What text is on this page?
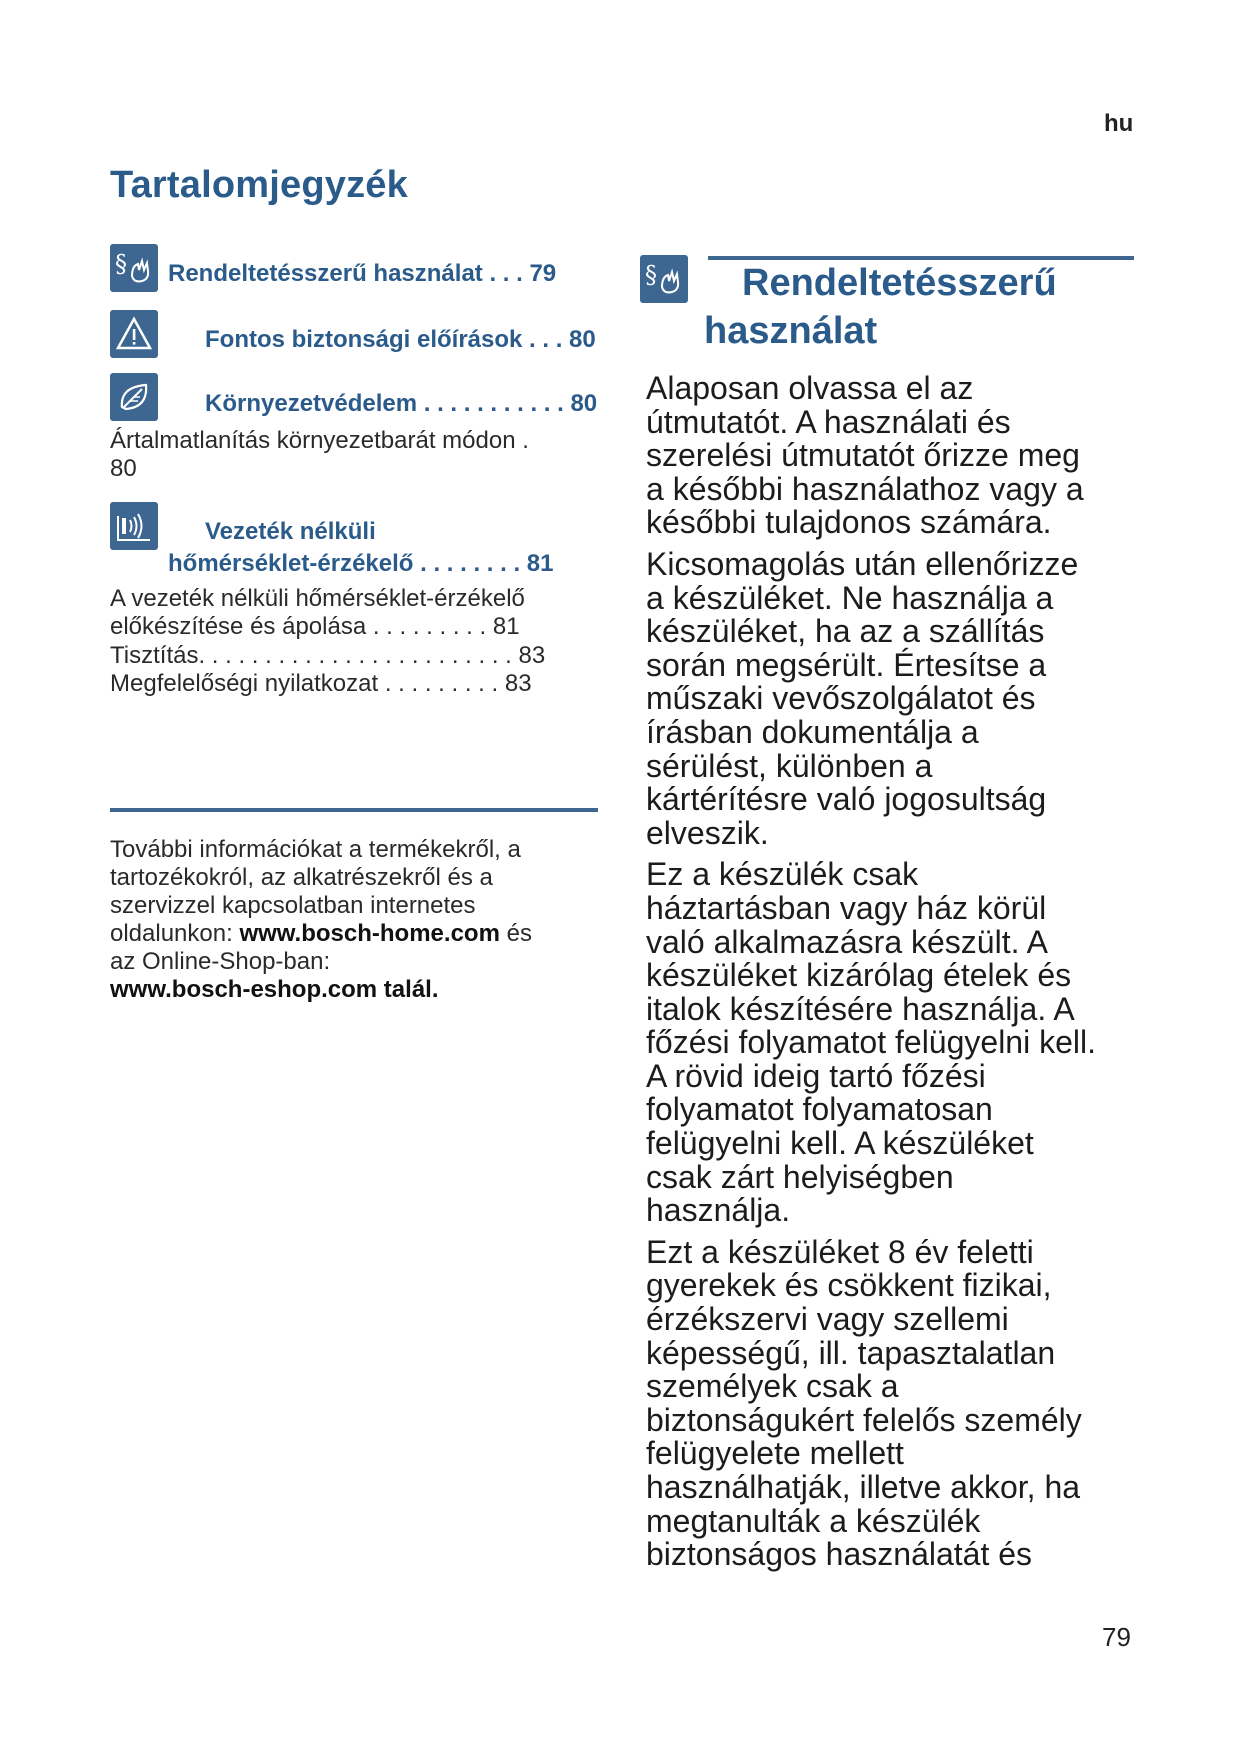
hu
Tartalomjegyzék
§ Rendeltetésszerű használat . . . 79
Fontos biztonsági előírások . . . 80
Környezetvédelem . . . . . . . . . . . 80
Ártalmatlanítás környezetbarát módon .
80
Vezeték nélküli
hőmérséklet-érzékelő . . . . . . . . 81
A vezeték nélküli hőmérséklet-érzékelő
előkészítése és ápolása . . . . . . . . . 81
Tisztítás. . . . . . . . . . . . . . . . . . . . . . . . 83
Megfelelőségi nyilatkozat . . . . . . . . . 83
További információkat a termékekről, a
tartozékokról, az alkatrészekről és a
szervizzel kapcsolatban internetes
oldalunkon: www.bosch-home.com és
az Online-Shop-ban:
www.bosch-eshop.com talál.
§ Rendeltetésszerű
használat

Alaposan olvassa el az
útmutatót. A használati és
szerelési útmutatót őrizze meg
a későbbi használathoz vagy a
későbbi tulajdonos számára.

Kicsomagolás után ellenőrizze
a készüléket. Ne használja a
készüléket, ha az a szállítás
során megsérült. Értesítse a
műszaki vevőszolgálatot és
írásban dokumentálja a
sérülést, különben a
kártérítésre való jogosultság
elveszik.

Ez a készülék csak
háztartásban vagy ház körül
való alkalmazásra készült. A
készüléket kizárólag ételek és
italok készítésére használja. A
főzési folyamatot felügyelni kell.
A rövid ideig tartó főzési
folyamatot folyamatosan
felügyelni kell. A készüléket
csak zárt helyiségben
használja.

Ezt a készüléket 8 év feletti
gyerekek és csökkent fizikai,
érzékszervi vagy szellemi
képességű, ill. tapasztalatlan
személyek csak a
biztonságukért felelős személy
felügyelete mellett
használhatják, illetve akkor, ha
megtanulták a készülék
biztonságos használatát és

79
